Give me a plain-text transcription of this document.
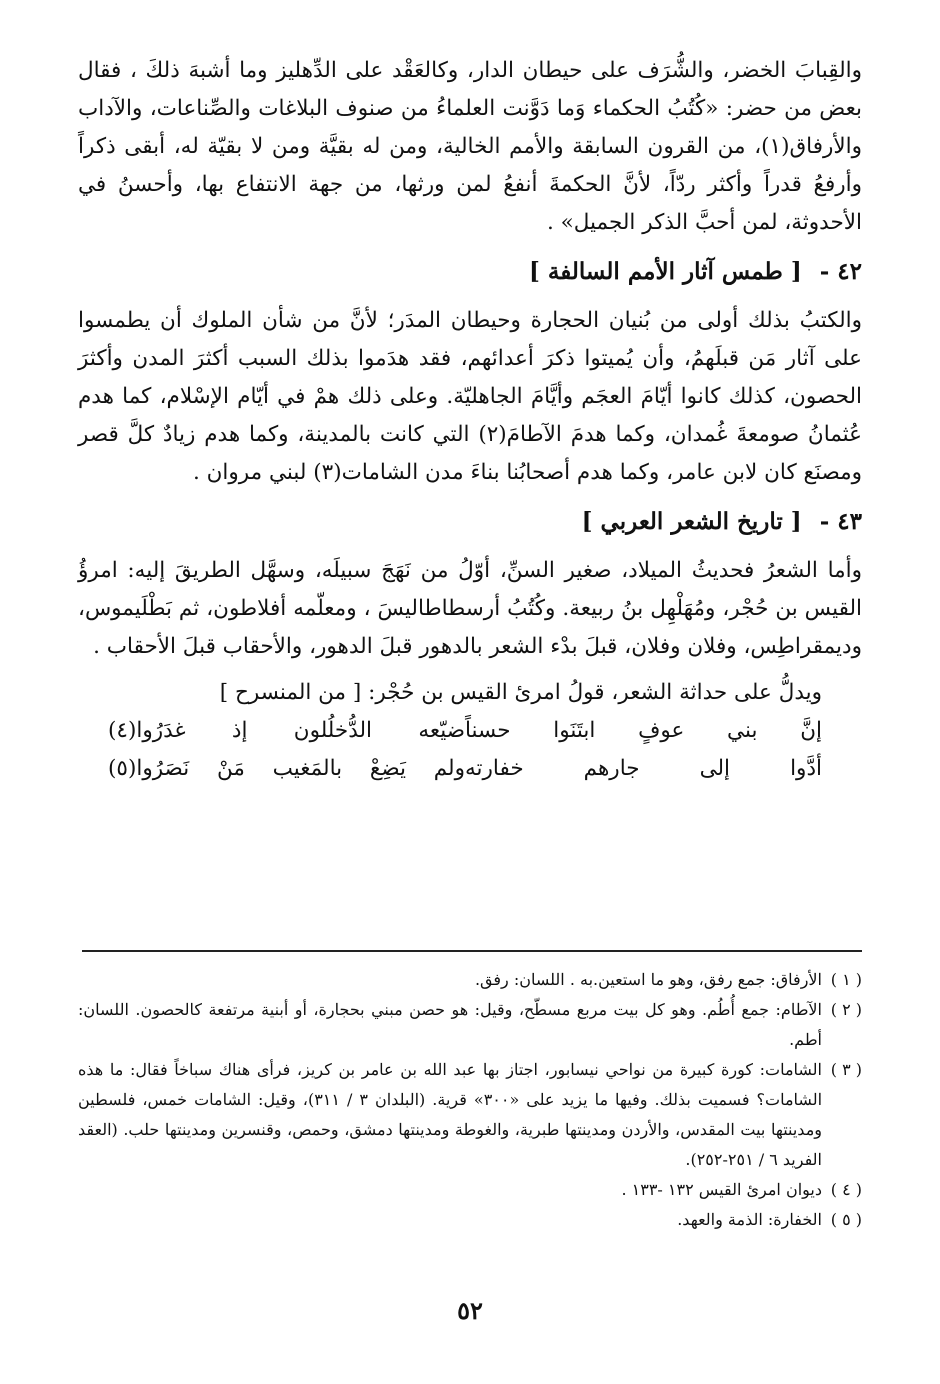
والقِبابَ الخضر، والشُّرَف على حيطان الدار، وكالعَقْد على الدِّهليز وما أشبهَ ذلكَ ، فقال بعض من حضر: «كُتُبُ الحكماء وَما دَوَّنت العلماءُ من صنوف البلاغات والصِّناعات، والآداب والأرفاق(١)، من القرون السابقة والأمم الخالية، ومن له بقيَّة ومن لا بقيّة له، أبقى ذكراً وأرفعُ قدراً وأكثر ردّاً، لأنَّ الحكمةَ أنفعُ لمن ورثها، من جهة الانتفاع بها، وأحسنُ في الأحدوثة، لمن أحبَّ الذكر الجميل» .

٤٢ - [ طمس آثار الأمم السالفة ]

والكتبُ بذلك أولى من بُنيان الحجارة وحيطان المدَر؛ لأنَّ من شأن الملوك أن يطمسوا على آثار مَن قبلَهمُ، وأن يُميتوا ذكرَ أعدائهم، فقد هدَموا بذلك السبب أكثرَ المدن وأكثرَ الحصون، كذلك كانوا أيّامَ العجَم وأيَّامَ الجاهليّة. وعلى ذلك همْ في أيّام الإسْلام، كما هدم عُثمانُ صومعةَ غُمدان، وكما هدمَ الآطامَ(٢) التي كانت بالمدينة، وكما هدم زيادٌ كلَّ قصر ومصنَع كان لابن عامر، وكما هدم أصحابُنا بناءَ مدن الشامات(٣) لبني مروان .

٤٣ - [ تاريخ الشعر العربي ]

وأما الشعرُ فحديثُ الميلاد، صغير السنِّ، أوّلُ من نَهَجَ سبيلَه، وسهَّل الطريقَ إليه: امرؤُ القيس بن حُجْر، ومُهَلْهِل بنُ ربيعة. وكُتُبُ أرسطاطاليسَ ، ومعلّمه أفلاطون، ثم بَطْلَيموس، وديمقراطِس، وفلان وفلان، قبلَ بدْء الشعر بالدهور قبلَ الدهور، والأحقاب قبلَ الأحقاب .

ويدلُّ على حداثة الشعر، قولُ امرئ القيس بن حُجْر: [ من المنسرح ]

إنَّ بني عوفٍ ابتَنَوا حسناً
ضيّعه الدُّخلُلون إذ غدَرُوا(٤)
أدَّوا إلى جارهم خفارته
ولم يَضِعْ بالمَغيب مَنْ نَصَرُوا(٥)
( ١ )
الأرفاق: جمع رفق، وهو ما استعين.به . اللسان: رفق.
( ٢ )
الآطام: جمع أُطُم. وهو كل بيت مربع مسطّح، وقيل: هو حصن مبني بحجارة، أو أبنية مرتفعة كالحصون. اللسان: أطم.
( ٣ )
الشامات: كورة كبيرة من نواحي نيسابور، اجتاز بها عبد الله بن عامر بن كريز، فرأى هناك سباخاً فقال: ما هذه الشامات؟ فسميت بذلك. وفيها ما يزيد على «٣٠٠» قرية. (البلدان ٣ / ٣١١)، وقيل: الشامات خمس، فلسطين ومدينتها بيت المقدس، والأردن ومدينتها طبرية، والغوطة ومدينتها دمشق، وحمص، وقنسرين ومدينتها حلب. (العقد الفريد ٦ / ٢٥١-٢٥٢).
( ٤ )
ديوان امرئ القيس ١٣٢ -١٣٣ .
( ٥ )
الخفارة: الذمة والعهد.
٥٢
